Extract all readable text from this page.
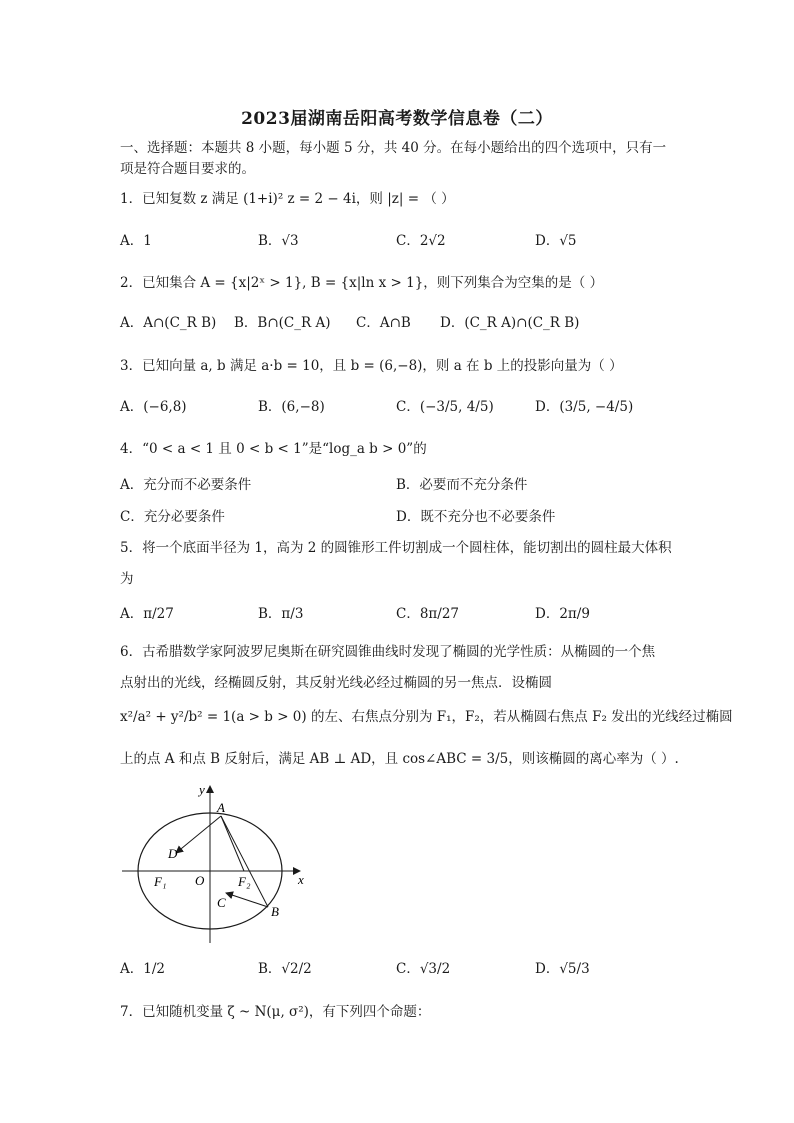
2023届湖南岳阳高考数学信息卷（二）
一、选择题：本题共 8 小题，每小题 5 分，共 40 分。在每小题给出的四个选项中，只有一
项是符合题目要求的。
1．已知复数 z 满足 (1+i)² z = 2 − 4i，则 |z| = （ ）
A．1	B．√3	C．2√2	D．√5
2．已知集合 A = {x|2ˣ > 1}, B = {x|ln x > 1}，则下列集合为空集的是（ ）
A．A∩(C_R B) B．B∩(C_R A) C．A∩B D．(C_R A)∩(C_R B)
3．已知向量 a, b 满足 a·b = 10，且 b = (6,−8)，则 a 在 b 上的投影向量为（ ）
A．(−6,8)	B．(6,−8)	C．(−3/5, 4/5)	D．(3/5, −4/5)
4．“0 < a < 1 且 0 < b < 1”是“log_a b > 0”的
A．充分而不必要条件	B．必要而不充分条件
C．充分必要条件	D．既不充分也不必要条件
5．将一个底面半径为 1，高为 2 的圆锥形工件切割成一个圆柱体，能切割出的圆柱最大体积
为
A．π/27	B．π/3	C．8π/27	D．2π/9
6．古希腊数学家阿波罗尼奥斯在研究圆锥曲线时发现了椭圆的光学性质：从椭圆的一个焦
点射出的光线，经椭圆反射，其反射光线必经过椭圆的另一焦点．设椭圆
x²/a² + y²/b² = 1(a > b > 0) 的左、右焦点分别为 F₁，F₂，若从椭圆右焦点 F₂ 发出的光线经过椭圆
上的点 A 和点 B 反射后，满足 AB ⊥ AD，且 cos∠ABC = 3/5，则该椭圆的离心率为（ ）.
y
A
D
F₁ O	F₂	x
C
B
A．1/2	B．√2/2	C．√3/2	D．√5/3
7．已知随机变量 ζ ~ N(μ, σ²)，有下列四个命题：
